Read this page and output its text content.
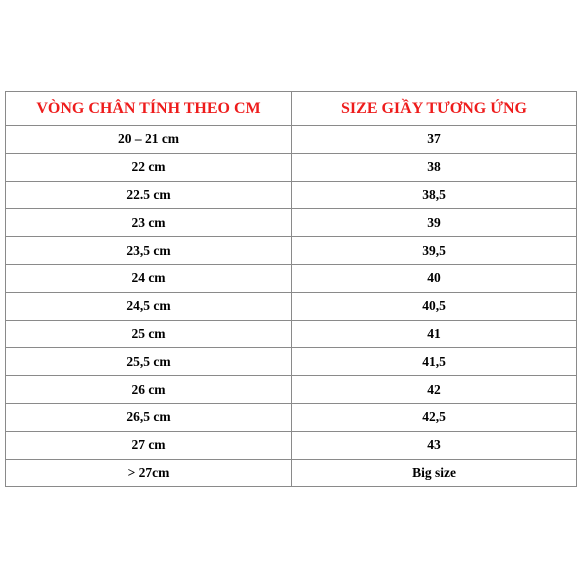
VÒNG CHÂN TÍNH THEO CM	SIZE GIẦY TƯƠNG ỨNG
20 – 21 cm	37
22 cm	38
22.5 cm	38,5
23 cm	39
23,5 cm	39,5
24 cm	40
24,5 cm	40,5
25 cm	41
25,5 cm	41,5
26 cm	42
26,5 cm	42,5
27 cm	43
> 27cm	Big size
